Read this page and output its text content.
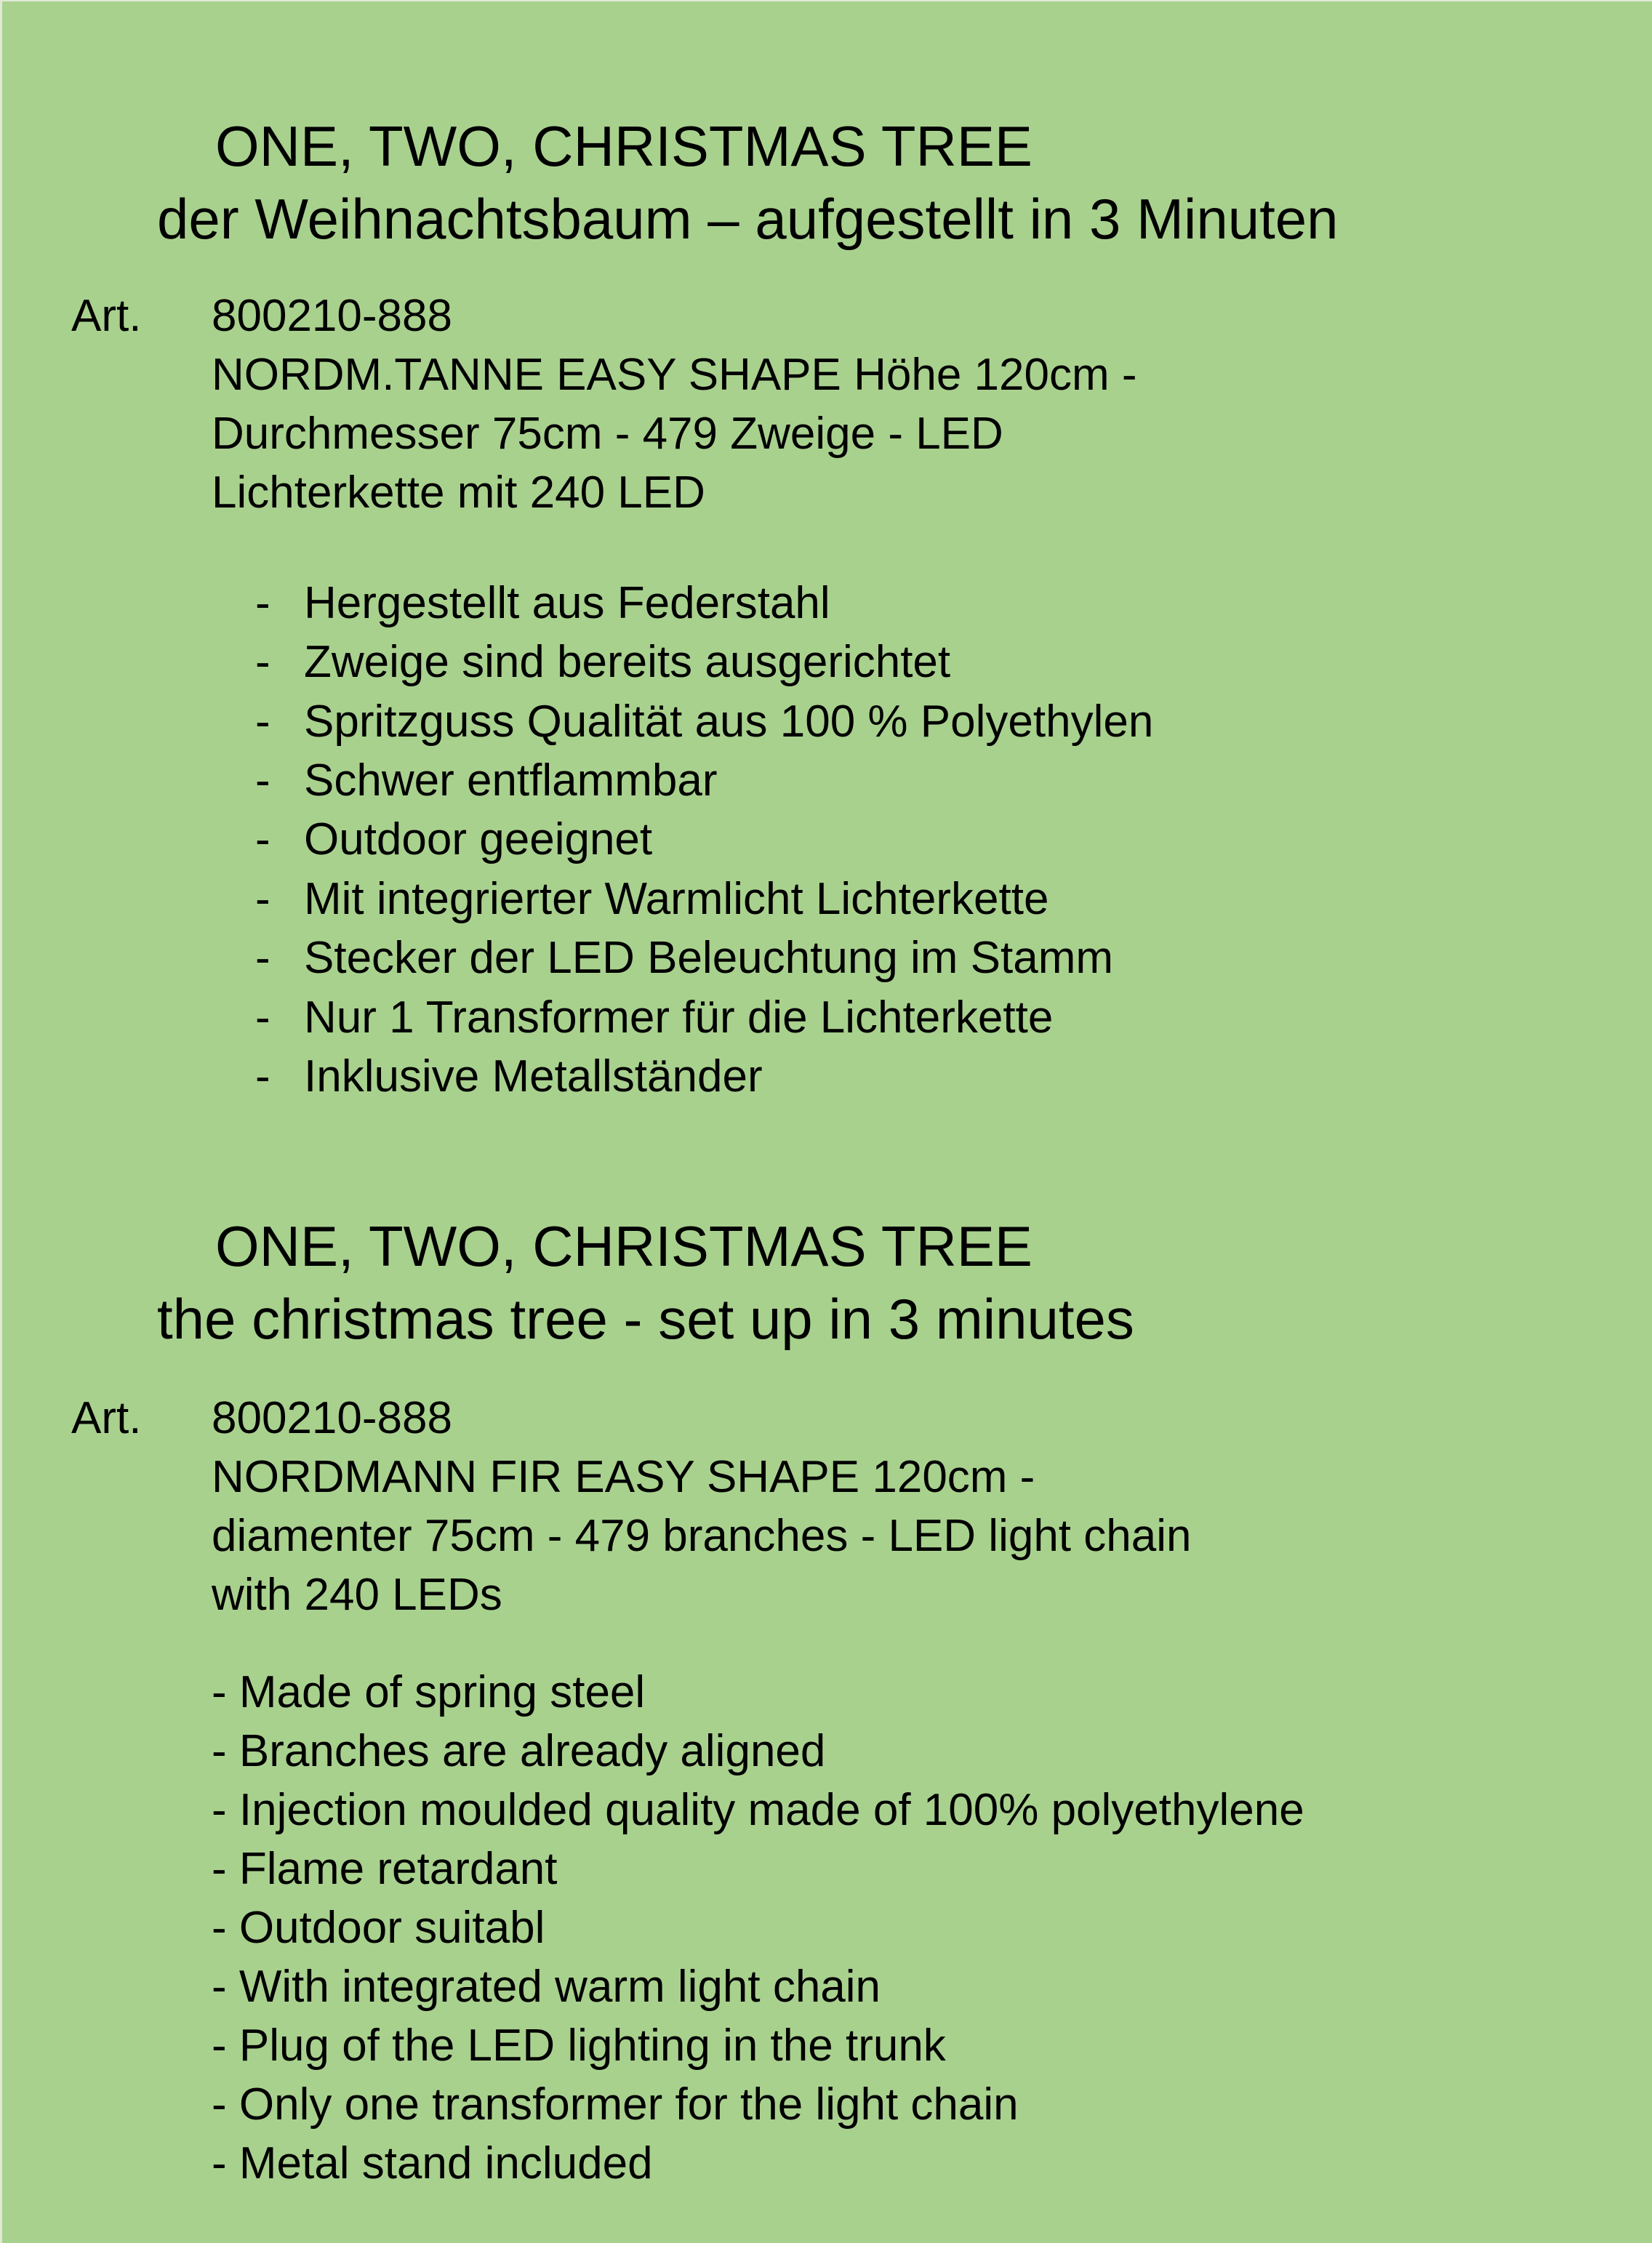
ONE, TWO, CHRISTMAS TREE
der Weihnachtsbaum – aufgestellt in 3 Minuten
Art. 800210-888
NORDM.TANNE EASY SHAPE Höhe 120cm -
Durchmesser 75cm - 479 Zweige - LED
Lichterkette mit 240 LED
- Hergestellt aus Federstahl
- Zweige sind bereits ausgerichtet
- Spritzguss Qualität aus 100 % Polyethylen
- Schwer entflammbar
- Outdoor geeignet
- Mit integrierter Warmlicht Lichterkette
- Stecker der LED Beleuchtung im Stamm
- Nur 1 Transformer für die Lichterkette
- Inklusive Metallständer
ONE, TWO, CHRISTMAS TREE
the christmas tree - set up in 3 minutes
Art. 800210-888
NORDMANN FIR EASY SHAPE 120cm -
diamenter 75cm - 479 branches - LED light chain
with 240 LEDs
- Made of spring steel
- Branches are already aligned
- Injection moulded quality made of 100% polyethylene
- Flame retardant
- Outdoor suitabl
- With integrated warm light chain
- Plug of the LED lighting in the trunk
- Only one transformer for the light chain
- Metal stand included
